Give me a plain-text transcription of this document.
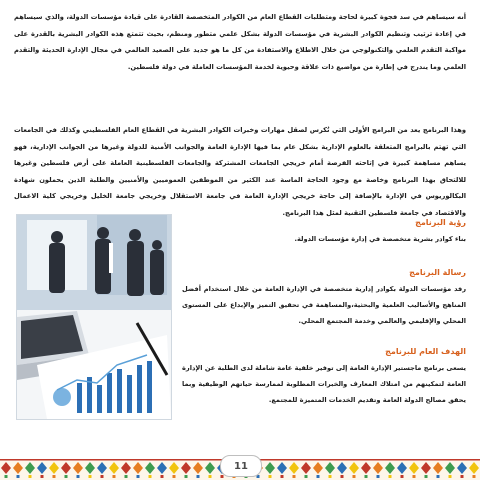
أنه سيساهم في سد فجوة كبيرة لحاجة ومتطلبات القطاع العام من الكوادر المتخصصة القادرة على قيادة مؤسسات الدولة، والذي سيساهم في إعادة ترتيب وتنظيم الكوادر البشرية في مؤسسات الدولة بشكل علمي متطور ومنظم، بحيث تتمتع هذه الكوادر البشرية بالقدرة على مواكبة التقدم العلمي والتكنولوجي من خلال الاطلاع والاستفادة من كل ما هو جديد على الصعيد العالمي في مجال الإدارة الحديثة والتقدم العلمي وما يندرج في إطارة من مواضيع ذات علاقة وحيوية لخدمة المؤسسات العاملة في دولة فلسطين.

وهذا البرنامج يعد من البرامج الأولى التي تُكرس لصقل مهارات وخبرات الكوادر البشرية في القطاع العام الفلسطيني وكذلك في الجامعات التي تهتم بالبرامج المتعلقة بالعلوم الإدارية بشكل عام بما فيها الإدارة العامة والجوانب الأمنية للدولة وغيرها من الجوانب الإدارية، فهو يساهم مساهمة كبيرة في إتاحته الفرصة أمام خريجي الجامعات المشتركة والجامعات الفلسطينية العاملة على أرض فلسطين وغيرها للالتحاق بهذا البرنامج وخاصة مع وجود الحاجة الماسة عند الكثير من الموظفين العموميين والأمنيين والطلبة الذين يحملون شهادة البكالوريوس في الإدارة بالإضافة إلى حاجة خريجي الإدارة العامة في جامعة الاستقلال وخريجي جامعة الخليل وخريجي كلية الاعمال والاقتصاد في جامعة فلسطين التقنية لمثل هذا البرنامج.

رؤية البرنامج

بناء كوادر بشرية متخصصة في إدارة مؤسسات الدولة.

رسالة البرنامج

رفد مؤسسات الدولة بكوادر إدارية متخصصة في الإدارة العامة من خلال استخدام أفضل المناهج والأساليب العلمية والبحثية،والمساهمة في تحقيق التميز والإبداع على المستوى المحلي والإقليمي والعالمي وخدمة المجتمع المحلي.

الهدف العام للبرنامج

يسعى برنامج ماجستير الإدارة العامة إلى توفير خلفية عامة شاملة لدى الطلبة عن الإدارة العامة لتمكينهم من امتلاك المعارف والخبرات المطلوبة لممارسة حياتهم الوظيفية وبما يحقق مصالح الدولة العامة وتقديم الخدمات المتميزة للمجتمع.

11
